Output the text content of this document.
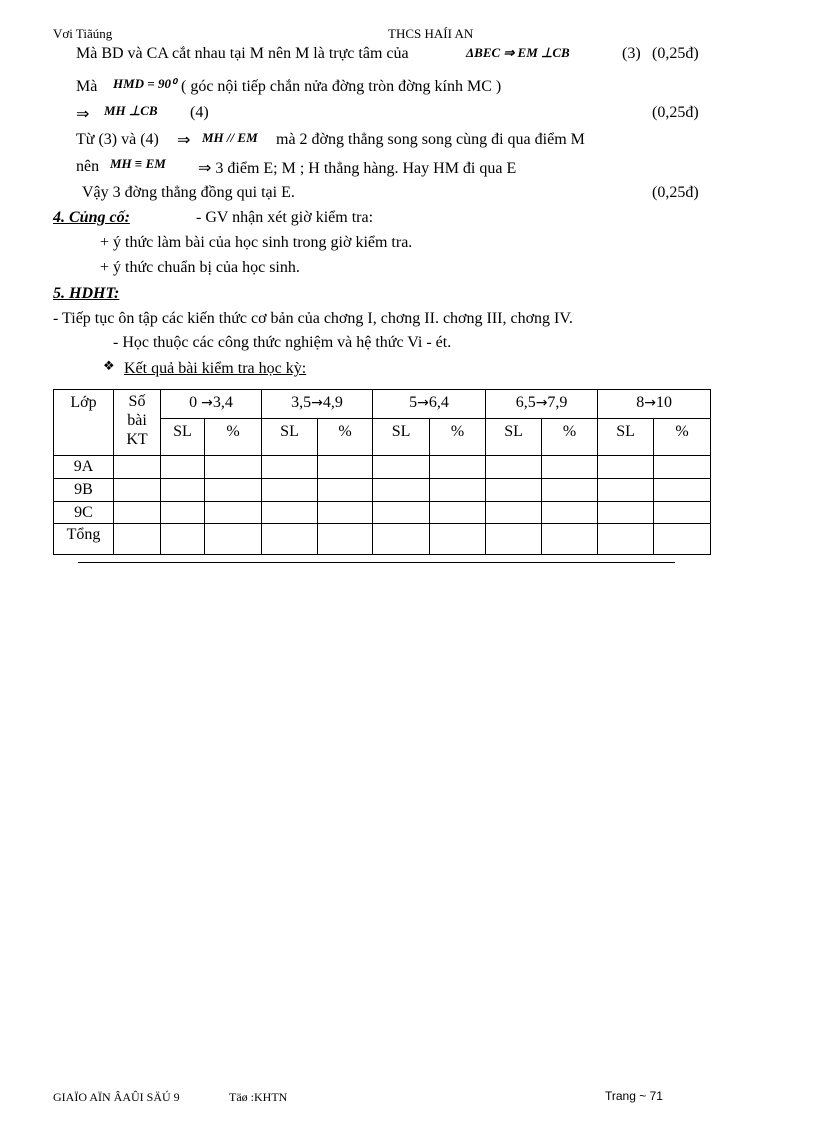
Vơi Tiãúng	THCS HAÍI AN
Mà BD và CA cắt nhau tại M nên M là trực tâm của	ΔBEC ⇒ EM ⊥CB	(3) (0,25đ)
Mà HMD = 90⁰ ( góc nội tiếp chắn nửa đờng tròn đờng kính MC )
⇒ MH ⊥CB (4)	(0,25đ)
Từ (3) và (4) ⇒ MH // EM mà 2 đờng thẳng song song cùng đi qua điểm M
nên MH ≡ EM ⇒ 3 điểm E; M ; H thẳng hàng. Hay HM đi qua E
Vậy 3 đờng thẳng đồng qui tại E.	(0,25đ)
4. Củng cố:	- GV nhận xét giờ kiểm tra:
+ ý thức làm bài của học sinh trong giờ kiểm tra.
+ ý thức chuẩn bị của học sinh.
5. HDHT:
- Tiếp tục ôn tập các kiến thức cơ bản của chơng I, chơng II. chơng III, chơng IV.
- Học thuộc các công thức nghiệm và hệ thức Vi - ét.
❖ Kết quả bài kiểm tra học kỳ:
Lớp	Số
bài
KT	0 →3,4		3,5→4,9		5→6,4		6,5→7,9		8→10	
		SL	%	SL	%	SL	%	SL	%	SL	%
9A											
9B											
9C											
Tổng											
GIAÏO AÏN ÂAÛI SÄÚ 9	Täø :KHTN	Trang ~ 71
